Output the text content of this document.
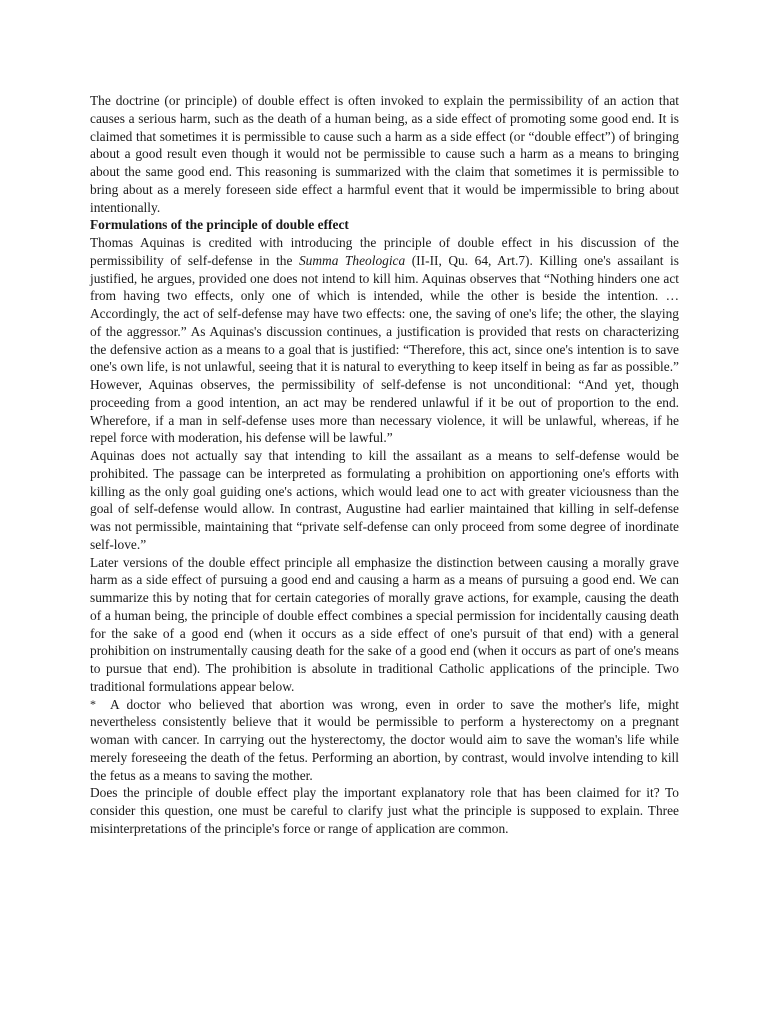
The doctrine (or principle) of double effect is often invoked to explain the permissibility of an action that causes a serious harm, such as the death of a human being, as a side effect of promoting some good end. It is claimed that sometimes it is permissible to cause such a harm as a side effect (or “double effect”) of bringing about a good result even though it would not be permissible to cause such a harm as a means to bringing about the same good end. This reasoning is summarized with the claim that sometimes it is permissible to bring about as a merely foreseen side effect a harmful event that it would be impermissible to bring about intentionally.

Formulations of the principle of double effect

Thomas Aquinas is credited with introducing the principle of double effect in his discussion of the permissibility of self-defense in the Summa Theologica (II-II, Qu. 64, Art.7). Killing one's assailant is justified, he argues, provided one does not intend to kill him. Aquinas observes that “Nothing hinders one act from having two effects, only one of which is intended, while the other is beside the intention. … Accordingly, the act of self-defense may have two effects: one, the saving of one's life; the other, the slaying of the aggressor.” As Aquinas's discussion continues, a justification is provided that rests on characterizing the defensive action as a means to a goal that is justified: “Therefore, this act, since one's intention is to save one's own life, is not unlawful, seeing that it is natural to everything to keep itself in being as far as possible.” However, Aquinas observes, the permissibility of self-defense is not unconditional: “And yet, though proceeding from a good intention, an act may be rendered unlawful if it be out of proportion to the end. Wherefore, if a man in self-defense uses more than necessary violence, it will be unlawful, whereas, if he repel force with moderation, his defense will be lawful.”

Aquinas does not actually say that intending to kill the assailant as a means to self-defense would be prohibited. The passage can be interpreted as formulating a prohibition on apportioning one's efforts with killing as the only goal guiding one's actions, which would lead one to act with greater viciousness than the goal of self-defense would allow. In contrast, Augustine had earlier maintained that killing in self-defense was not permissible, maintaining that “private self-defense can only proceed from some degree of inordinate self-love.”

Later versions of the double effect principle all emphasize the distinction between causing a morally grave harm as a side effect of pursuing a good end and causing a harm as a means of pursuing a good end. We can summarize this by noting that for certain categories of morally grave actions, for example, causing the death of a human being, the principle of double effect combines a special permission for incidentally causing death for the sake of a good end (when it occurs as a side effect of one's pursuit of that end) with a general prohibition on instrumentally causing death for the sake of a good end (when it occurs as part of one's means to pursue that end). The prohibition is absolute in traditional Catholic applications of the principle. Two traditional formulations appear below.

* A doctor who believed that abortion was wrong, even in order to save the mother's life, might nevertheless consistently believe that it would be permissible to perform a hysterectomy on a pregnant woman with cancer. In carrying out the hysterectomy, the doctor would aim to save the woman's life while merely foreseeing the death of the fetus. Performing an abortion, by contrast, would involve intending to kill the fetus as a means to saving the mother.

Does the principle of double effect play the important explanatory role that has been claimed for it? To consider this question, one must be careful to clarify just what the principle is supposed to explain. Three misinterpretations of the principle's force or range of application are common.
